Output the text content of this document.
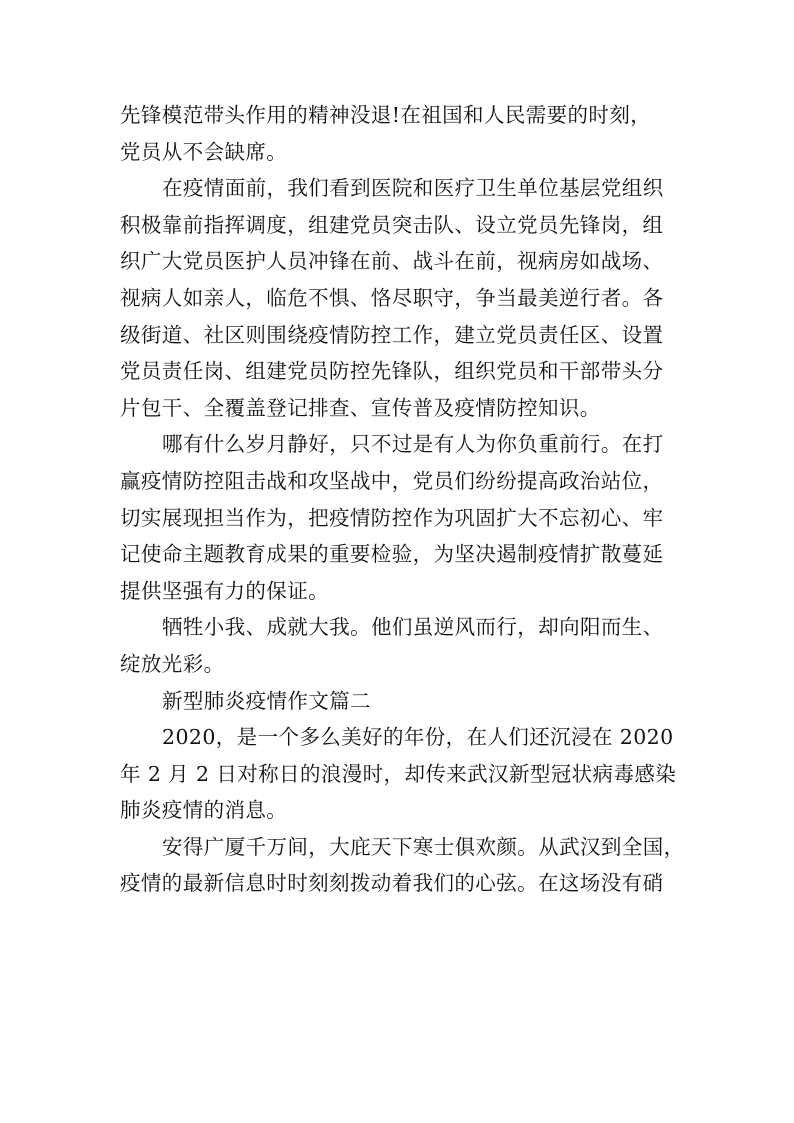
先锋模范带头作用的精神没退!在祖国和人民需要的时刻，
党员从不会缺席。
在疫情面前，我们看到医院和医疗卫生单位基层党组织
积极靠前指挥调度，组建党员突击队、设立党员先锋岗，组
织广大党员医护人员冲锋在前、战斗在前，视病房如战场、
视病人如亲人，临危不惧、恪尽职守，争当最美逆行者。各
级街道、社区则围绕疫情防控工作，建立党员责任区、设置
党员责任岗、组建党员防控先锋队，组织党员和干部带头分
片包干、全覆盖登记排查、宣传普及疫情防控知识。
哪有什么岁月静好，只不过是有人为你负重前行。在打
赢疫情防控阻击战和攻坚战中，党员们纷纷提高政治站位，
切实展现担当作为，把疫情防控作为巩固扩大不忘初心、牢
记使命主题教育成果的重要检验，为坚决遏制疫情扩散蔓延
提供坚强有力的保证。
牺牲小我、成就大我。他们虽逆风而行，却向阳而生、
绽放光彩。
新型肺炎疫情作文篇二
2020，是一个多么美好的年份，在人们还沉浸在 2020
年 2 月 2 日对称日的浪漫时，却传来武汉新型冠状病毒感染
肺炎疫情的消息。
安得广厦千万间，大庇天下寒士俱欢颜。从武汉到全国，
疫情的最新信息时时刻刻拨动着我们的心弦。在这场没有硝
